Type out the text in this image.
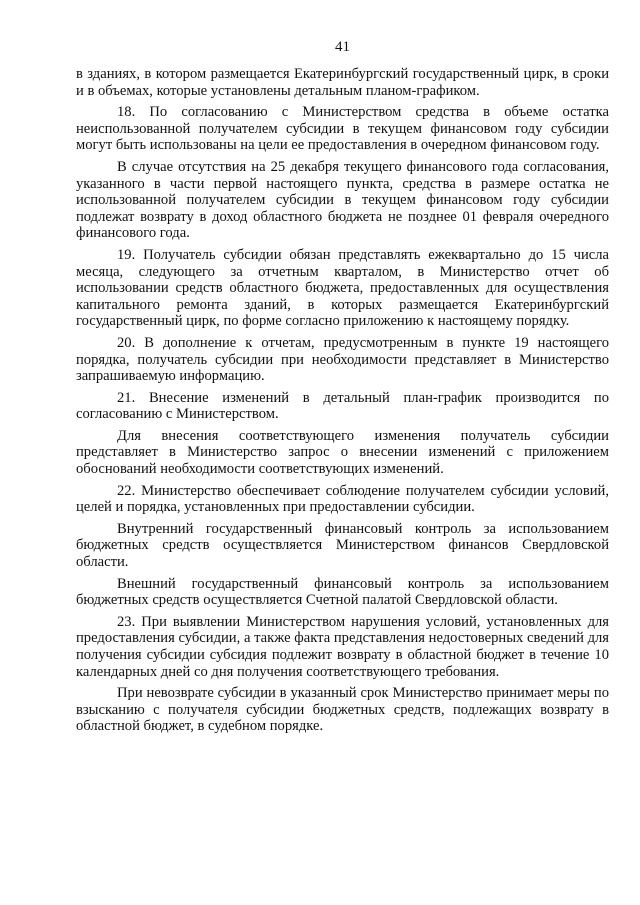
41

в зданиях, в котором размещается Екатеринбургский государственный цирк, в сроки и в объемах, которые установлены детальным планом-графиком.

18. По согласованию с Министерством средства в объеме остатка неиспользованной получателем субсидии в текущем финансовом году субсидии могут быть использованы на цели ее предоставления в очередном финансовом году.

В случае отсутствия на 25 декабря текущего финансового года согласования, указанного в части первой настоящего пункта, средства в размере остатка не использованной получателем субсидии в текущем финансовом году субсидии подлежат возврату в доход областного бюджета не позднее 01 февраля очередного финансового года.

19. Получатель субсидии обязан представлять ежеквартально до 15 числа месяца, следующего за отчетным кварталом, в Министерство отчет об использовании средств областного бюджета, предоставленных для осуществления капитального ремонта зданий, в которых размещается Екатеринбургский государственный цирк, по форме согласно приложению к настоящему порядку.

20. В дополнение к отчетам, предусмотренным в пункте 19 настоящего порядка, получатель субсидии при необходимости представляет в Министерство запрашиваемую информацию.

21. Внесение изменений в детальный план-график производится по согласованию с Министерством.

Для внесения соответствующего изменения получатель субсидии представляет в Министерство запрос о внесении изменений с приложением обоснований необходимости соответствующих изменений.

22. Министерство обеспечивает соблюдение получателем субсидии условий, целей и порядка, установленных при предоставлении субсидии.

Внутренний государственный финансовый контроль за использованием бюджетных средств осуществляется Министерством финансов Свердловской области.

Внешний государственный финансовый контроль за использованием бюджетных средств осуществляется Счетной палатой Свердловской области.

23. При выявлении Министерством нарушения условий, установленных для предоставления субсидии, а также факта представления недостоверных сведений для получения субсидии субсидия подлежит возврату в областной бюджет в течение 10 календарных дней со дня получения соответствующего требования.

При невозврате субсидии в указанный срок Министерство принимает меры по взысканию с получателя субсидии бюджетных средств, подлежащих возврату в областной бюджет, в судебном порядке.
